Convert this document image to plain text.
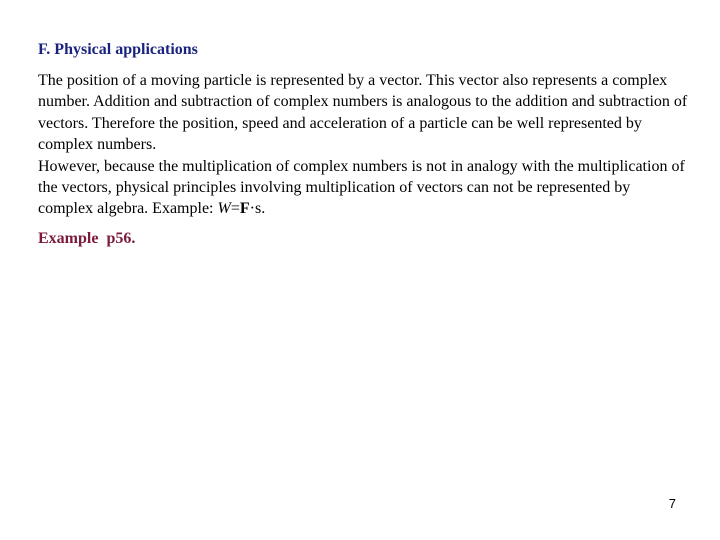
F. Physical applications

The position of a moving particle is represented by a vector. This vector also represents a complex number. Addition and subtraction of complex numbers is analogous to the addition and subtraction of vectors. Therefore the position, speed and acceleration of a particle can be well represented by complex numbers.

However, because the multiplication of complex numbers is not in analogy with the multiplication of the vectors, physical principles involving multiplication of vectors can not be represented by complex algebra. Example: W=F·s.

Example  p56.
7
